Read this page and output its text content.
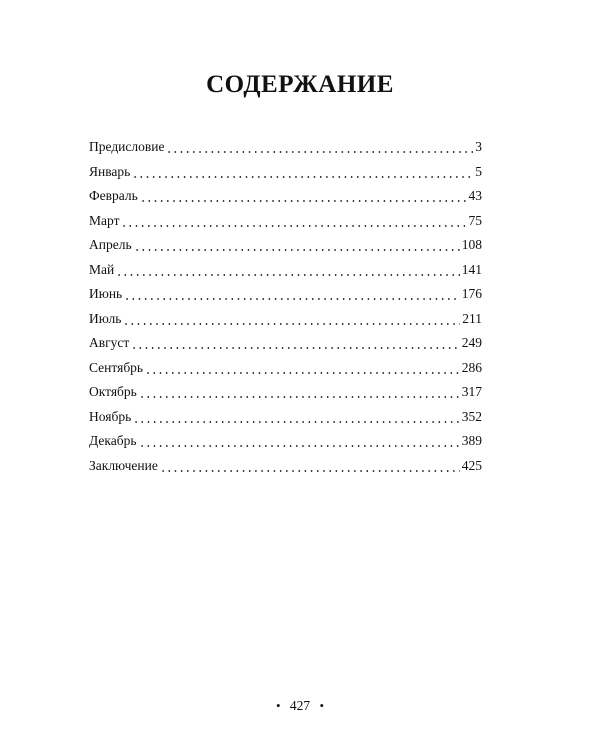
СОДЕРЖАНИЕ
Предисловие	3
Январь	5
Февраль	43
Март	75
Апрель	108
Май	141
Июнь	176
Июль	211
Август	249
Сентябрь	286
Октябрь	317
Ноябрь	352
Декабрь	389
Заключение	425
• 427 •
